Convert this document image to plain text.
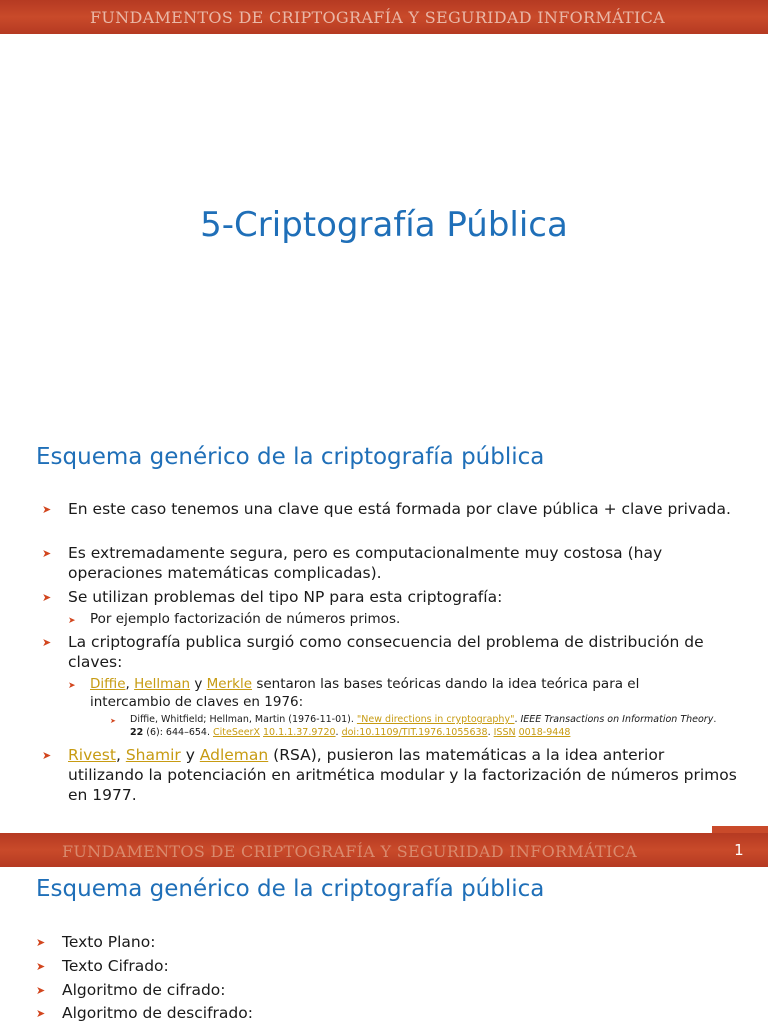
FUNDAMENTOS DE CRIPTOGRAFÍA Y SEGURIDAD INFORMÁTICA
5-Criptografía Pública
Esquema genérico de la criptografía pública
➤ En este caso tenemos una clave que está formada por clave pública + clave privada.
➤ Es extremadamente segura, pero es computacionalmente muy costosa (hay operaciones matemáticas complicadas).
➤ Se utilizan problemas del tipo NP para esta criptografía:
➤ Por ejemplo factorización de números primos.
➤ La criptografía publica surgió como consecuencia del problema de distribución de claves:
➤ Diffie, Hellman y Merkle sentaron las bases teóricas dando la idea teórica para el intercambio de claves en 1976:
➤ Diffie, Whitfield; Hellman, Martin (1976-11-01). "New directions in cryptography". IEEE Transactions on Information Theory. 22 (6): 644–654. CiteSeerX 10.1.1.37.9720. doi:10.1109/TIT.1976.1055638. ISSN 0018-9448
➤ Rivest, Shamir y Adleman (RSA), pusieron las matemáticas a la idea anterior utilizando la potenciación en aritmética modular y la factorización de números primos en 1977.
FUNDAMENTOS DE CRIPTOGRAFÍA Y SEGURIDAD INFORMÁTICA	1
Esquema genérico de la criptografía pública
➤ Texto Plano:
➤ Texto Cifrado:
➤ Algoritmo de cifrado:
➤ Algoritmo de descifrado:
